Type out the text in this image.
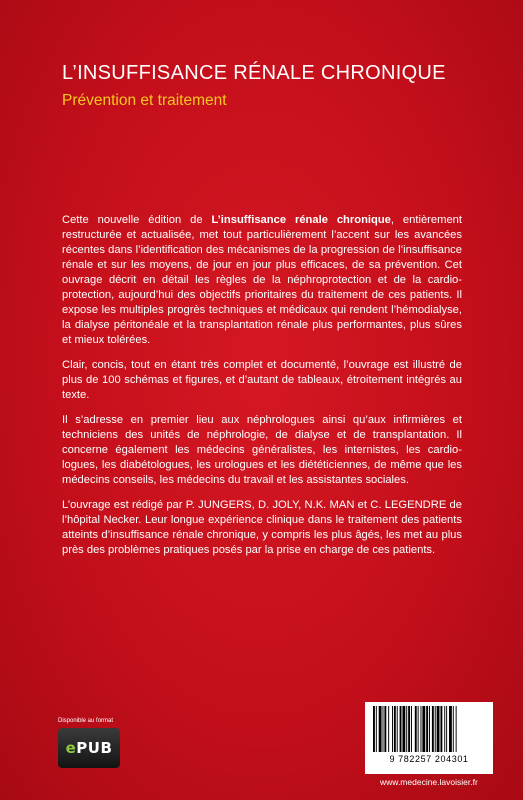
L’INSUFFISANCE RÉNALE CHRONIQUE
Prévention et traitement

Cette nouvelle édition de L’insuffisance rénale chronique, entièrement restructurée et actualisée, met tout particulièrement l’accent sur les avancées récentes dans l’identification des mécanismes de la progression de l’insuffisance rénale et sur les moyens, de jour en jour plus efficaces, de sa prévention. Cet ouvrage décrit en détail les règles de la néphroprotection et de la cardio-protection, aujourd’hui des objectifs prioritaires du traitement de ces patients. Il expose les multiples progrès techniques et médicaux qui rendent l’hémodialyse, la dialyse péritonéale et la transplantation rénale plus performantes, plus sûres et mieux tolérées.

Clair, concis, tout en étant très complet et documenté, l’ouvrage est illustré de plus de 100 schémas et figures, et d’autant de tableaux, étroitement intégrés au texte.

Il s’adresse en premier lieu aux néphrologues ainsi qu’aux infirmières et techniciens des unités de néphrologie, de dialyse et de transplantation. Il concerne également les médecins généralistes, les internistes, les cardio-logues, les diabétologues, les urologues et les diététiciennes, de même que les médecins conseils, les médecins du travail et les assistantes sociales.

L’ouvrage est rédigé par P. JUNGERS, D. JOLY, N.K. MAN et C. LEGENDRE de l’hôpital Necker. Leur longue expérience clinique dans le traitement des patients atteints d’insuffisance rénale chronique, y compris les plus âgés, les met au plus près des problèmes pratiques posés par la prise en charge de ces patients.

Disponible au format
ePUB
9 782257 204301
www.medecine.lavoisier.fr
